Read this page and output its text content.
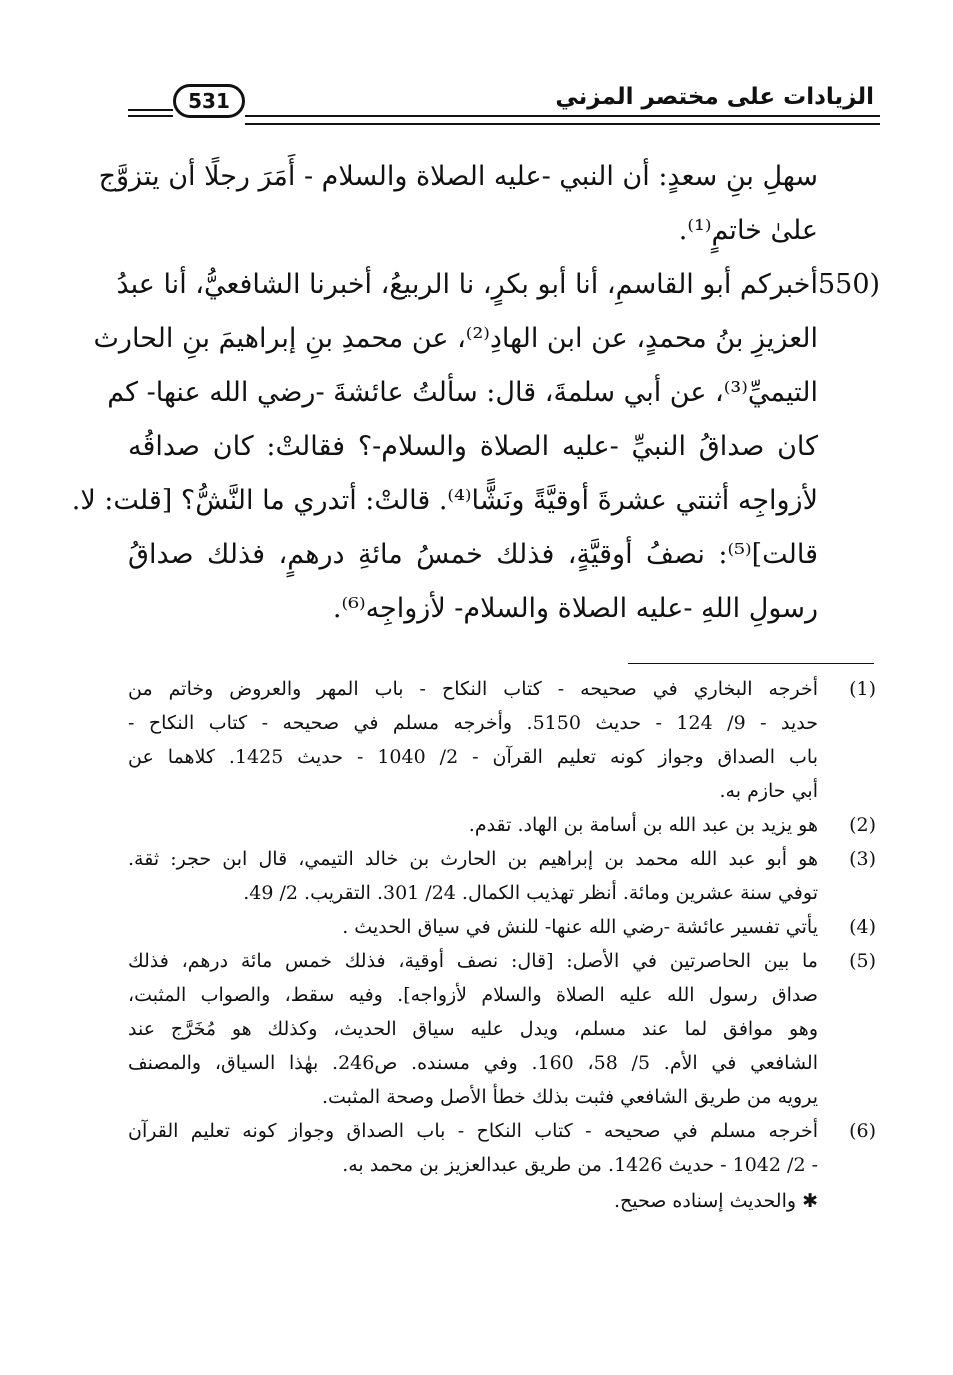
الزيادات على مختصر المزني
531
سهلِ بنِ سعدٍ: أن النبي -عليه الصلاة والسلام - أَمَرَ رجلًا أن يتزوَّج
علىٰ خاتمٍ⁽¹⁾.
550)
أخبركم أبو القاسمِ، أنا أبو بكرٍ، نا الربيعُ، أخبرنا الشافعيُّ، أنا عبدُ
العزيزِ بنُ محمدٍ، عن ابن الهادِ⁽²⁾، عن محمدِ بنِ إبراهيمَ بنِ الحارث
التيميِّ⁽³⁾، عن أبي سلمةَ، قال: سألتُ عائشةَ -رضي الله عنها- كم
كان صداقُ النبيِّ -عليه الصلاة والسلام-؟ فقالتْ: كان صداقُه
لأزواجِه أثنتي عشرةَ أوقيَّةً ونَشًّا⁽⁴⁾. قالتْ: أتدري ما النَّشُّ؟ [قلت: لا.
قالت]⁽⁵⁾: نصفُ أوقيَّةٍ، فذلك خمسُ مائةِ درهمٍ، فذلك صداقُ
رسولِ اللهِ -عليه الصلاة والسلام- لأزواجِه⁽⁶⁾.
(1)
أخرجه البخاري في صحيحه - كتاب النكاح - باب المهر والعروض وخاتم من
حديد - 9/ 124 - حديث 5150. وأخرجه مسلم في صحيحه - كتاب النكاح -
باب الصداق وجواز كونه تعليم القرآن - 2/ 1040 - حديث 1425. كلاهما عن
أبي حازم به.
(2)
هو يزيد بن عبد الله بن أسامة بن الهاد. تقدم.
(3)
هو أبو عبد الله محمد بن إبراهيم بن الحارث بن خالد التيمي، قال ابن حجر: ثقة.
توفي سنة عشرين ومائة. أنظر تهذيب الكمال. 24/ 301. التقريب. 2/ 49.
(4)
يأتي تفسير عائشة -رضي الله عنها- للنش في سياق الحديث .
(5)
ما بين الحاصرتين في الأصل: [قال: نصف أوقية، فذلك خمس مائة درهم، فذلك
صداق رسول الله عليه الصلاة والسلام لأزواجه]. وفيه سقط، والصواب المثبت،
وهو موافق لما عند مسلم، ويدل عليه سياق الحديث، وكذلك هو مُخَرَّج عند
الشافعي في الأم. 5/ 58، 160. وفي مسنده. ص246. بهٰذا السياق، والمصنف
يرويه من طريق الشافعي فثبت بذلك خطأ الأصل وصحة المثبت.
(6)
أخرجه مسلم في صحيحه - كتاب النكاح - باب الصداق وجواز كونه تعليم القرآن
- 2/ 1042 - حديث 1426. من طريق عبدالعزيز بن محمد به.
✱ والحديث إسناده صحيح.
